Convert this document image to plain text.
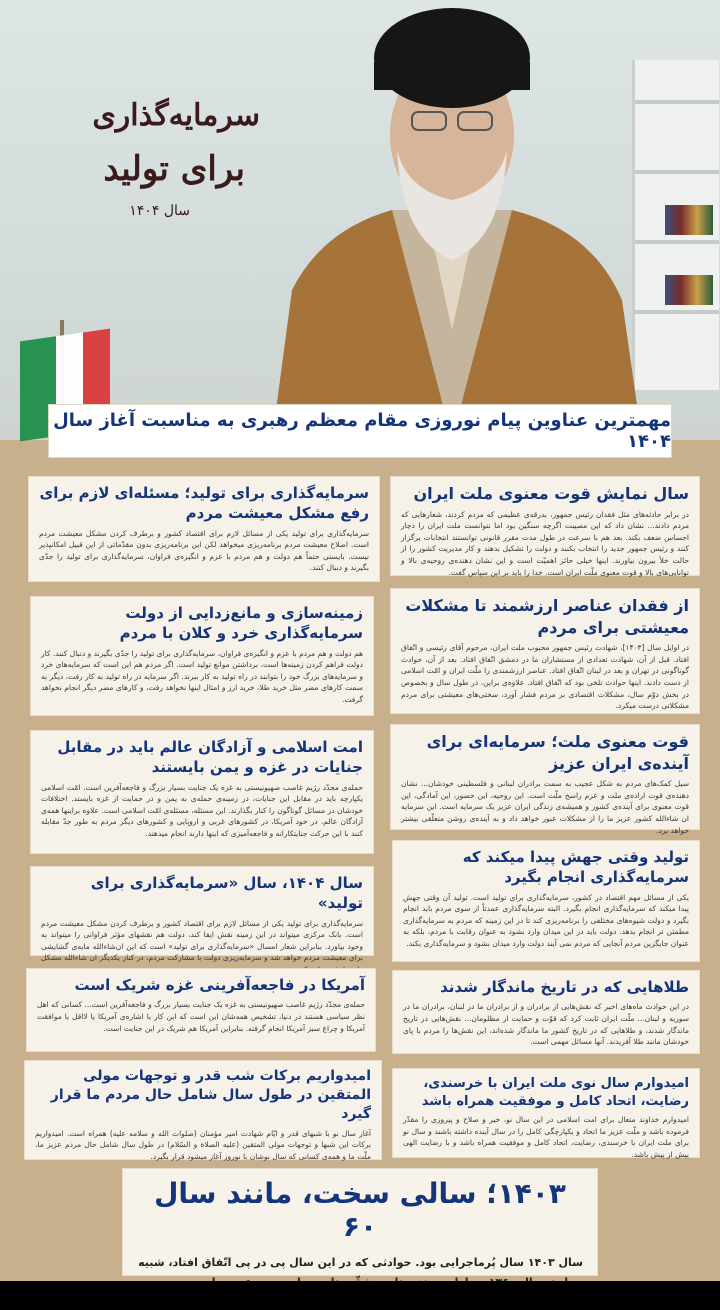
سرمایه‌گذاری
برای تولید
سال ۱۴۰۴
مهمترین عناوین پیام نوروزی مقام معظم رهبری به مناسبت آغاز سال ۱۴۰۴
سال نمایش قوت معنوی ملت ایران

در برابر حادثه‌های مثل فقدان رئیس جمهور، بدرقه‌ی عظیمی که مردم کردند، شعارهایی که مردم دادند... نشان داد که این مصیبت اگرچه سنگین بود اما نتوانست ملت ایران را دچار احساس ضعف بکند. بعد هم با سرعت در طول مدت مقرر قانونی توانستند انتخابات برگزار کنند و رئیس جمهور جدید را انتخاب بکنند و دولت را تشکیل بدهند و کار مدیریت کشور را از حالت خلأ بیرون بیاورند. اینها خیلی حائز اهمیّت است و این نشان دهنده‌ی روحیه‌ی بالا و توانایی‌های بالا و قوت معنوی ملّت ایران است. خدا را باید بر این سپاس گفت.

از فقدان عناصر ارزشمند تا مشکلات معیشتی برای مردم

در اوایل سال [۱۴۰۳]، شهادت رئیس جمهور محبوب ملت ایران، مرحوم آقای رئیسی و اتّفاق افتاد. قبل از آن، شهادت تعدادی از مستشاران ما در دمشق اتّفاق افتاد. بعد از آن، حوادث گوناگونی در تهران و بعد در لبنان اتّفاق افتاد. عناصر ارزشمندی را ملّت ایران و امّت اسلامی از دست دادند. اینها حوادث تلخی بود که اتّفاق افتاد. علاوه‌ی براین، در طول سال و بخصوص در بخش دوّم سال، مشکلات اقتصادی بر مردم فشار آورد، سختی‌های معیشتی برای مردم مشکلاتی درست میکرد.

قوت معنوی ملت؛ سرمایه‌ای برای آینده‌ی ایران عزیز

سیل کمک‌های مردم به شکل عجیب به سمت برادران لبنانی و فلسطینی خودشان... نشان دهنده‌ی قوت اراده‌ی ملت و عزم راسخ ملّت است. این روحیه، این حضور، این آمادگی، این قوت معنوی برای آینده‌ی کشور و همیشه‌ی زندگی ایران عزیز یک سرمایه است. این سرمایه ان شاءالله کشور عزیز ما را از مشکلات عبور خواهد داد و به آینده‌ی روشن متعلّقی بیشتر خواهد برد.

تولید وقتی جهش پیدا میکند که سرمایه‌گذاری انجام بگیرد

یکی از مسائل مهم اقتصاد در کشور، سرمایه‌گذاری برای تولید است. تولید آن وقتی جهش پیدا میکند که سرمایه‌گذاری انجام بگیرد. البته سرمایه‌گذاری عمدتاً از سوی مردم باید انجام بگیرد و دولت شیوه‌های مختلفی را برنامه‌ریزی کند تا در این زمینه که مردم به سرمایه‌گذاری مطمئن تر انجام بدهد. دولت باید در این میدان وارد بشود به عنوان رقابت با مردم، بلکه به عنوان جایگزین مردم آنجایی که مردم نمی آیند دولت وارد میدان بشود و سرمایه‌گذاری بکند.

طلاهایی که در تاریخ ماندگار شدند

در این حوادث ماه‌های اخیر که نقش‌هایی از برادران و از برادران ما در لبنان، برادران ما در سوریه و لبنان... ملّت ایران ثابت کرد که قوّت و حمایت از مظلومان... نقش‌هایی در تاریخ ماندگار شدند، و طلاهایی که در تاریخ کشور ما ماندگار شده‌اند، این نقش‌ها را مردم با پای خودشان مانند طلا آفریدند. آنها مسائل مهمی است.

امیدوارم سال نوی ملت ایران با خرسندی، رضایت، اتحاد کامل و موفقیت همراه باشد

امیدوارم خداوند متعال برای امت اسلامی در این سال نو، خیر و صلاح و پیروزی را مقدّر فرموده باشد و ملّت عزیز ما اتحاد و یکپارچگی کامل را در سال آینده داشته باشند و سال نو برای ملت ایران با خرسندی، رضایت، اتحاد کامل و موفقیت همراه باشد و با رضایت الهی بیش از پیش باشد.

سرمایه‌گذاری برای تولید؛ مسئله‌ای لازم برای رفع مشکل معیشت مردم

سرمایه‌گذاری برای تولید یکی از مسائل لازم برای اقتصاد کشور و برطرف کردن مشکل معیشت مردم است. اصلاح معیشت مردم برنامه‌ریزی میخواهد لکن این برنامه‌ریزی بدون مقدّماتی از این قبیل امکانپذیر نیست. بایستی حتماً هم دولت و هم مردم با عزم و انگیزه‌ی فراوان، سرمایه‌گذاری برای تولید را جدّی بگیرند و دنبال کنند.

زمینه‌سازی و مانع‌زدایی از دولت سرمایه‌گذاری خرد و کلان با مردم

هم دولت و هم مردم با عزم و انگیزه‌ی فراوان، سرمایه‌گذاری برای تولید را جدّی بگیرند و دنبال کنند. کار دولت فراهم کردن زمینه‌ها است، برداشتن موانع تولید است. اگر مردم هم این است که سرمایه‌های خرد و سرمایه‌های بزرگ خود را بتوانند در راه تولید به کار ببرند. اگر سرمایه در راه تولید به کار رفت، دیگر به سمت کارهای مضر مثل خرید طلا، خرید ارز و امثال اینها نخواهد رفت، و کارهای مضر دیگر انجام نخواهد گرفت.

امت اسلامی و آزادگان عالم باید در مقابل جنایات در غزه و یمن بایستند

حمله‌ی مجدّد رژیم غاصب صهیونیستی به غزه یک جنایت بسیار بزرگ و فاجعه‌آفرین است. امّت اسلامی یکپارچه باید در مقابل این جنایات، در زمینه‌ی حمله‌ی به یمن و در حمایت از غزه بایستد. اختلافات خودشان در مسائل گوناگون را کنار بگذارند. این مسئله، مسئله‌ی امّت اسلامی است. علاوه براینها همه‌ی آزادگان عالم، در خود آمریکا، در کشورهای غربی و اروپایی و کشورهای دیگر مردم به طور جدّ مقابله کنند با این حرکت جنایتکارانه و فاجعه‌آمیزی که اینها دارند انجام میدهند.

سال ۱۴۰۴، سال «سرمایه‌گذاری برای تولید»

سرمایه‌گذاری برای تولید یکی از مسائل لازم برای اقتصاد کشور و برطرف کردن مشکل معیشت مردم است. بانک مرکزی میتواند در این زمینه نقش ایفا کند، دولت هم نقشهای مؤثر فراوانی را میتواند به وجود بیاورد. بنابراین شعار امسال «سرمایه‌گذاری برای تولید» است که این ان‌شاءالله مایه‌ی گشایشی برای معیشت مردم خواهد شد و سرمایه‌ریزی دولت با مشارکت مردم، در کنار یکدیگر ان شاءالله مشکل

آمریکا در فاجعه‌آفرینی غزه شریک است

حمله‌ی مجدّد رژیم غاصب صهیونیستی به غزه یک جنایت بسیار بزرگ و فاجعه‌آفرین است... کسانی که اهل نظر سیاسی هستند در دنیا، تشخیص همه‌شان این است که این کار با اشاره‌ی آمریکا یا لااقل با موافقت آمریکا و چراغ سبز آمریکا انجام گرفته. بنابراین آمریکا هم شریک در این جنایت است.

امیدواریم برکات شب قدر و توجهات مولی المتقین در طول سال شامل حال مردم ما قرار گیرد

آغاز سال نو با شبهای قدر و ایّام شهادت امیر مؤمنان (صلوات الله و سلامه علیه) همراه است. امیدواریم برکات این شبها و توجهات مولی المتقین (علیه الصلاة و السّلام) در طول سال شامل حال مردم عزیز ما، ملّت ما و همه‌ی کسانی که سال نوشان با نوروز آغاز میشود قرار بگیرد.

۱۴۰۳؛ سالی سخت، مانند سال ۶۰

سال ۱۴۰۳ سال پُرماجرایی بود. حوادثی که در این سال پی در پی اتّفاق افتاد، شبیه
